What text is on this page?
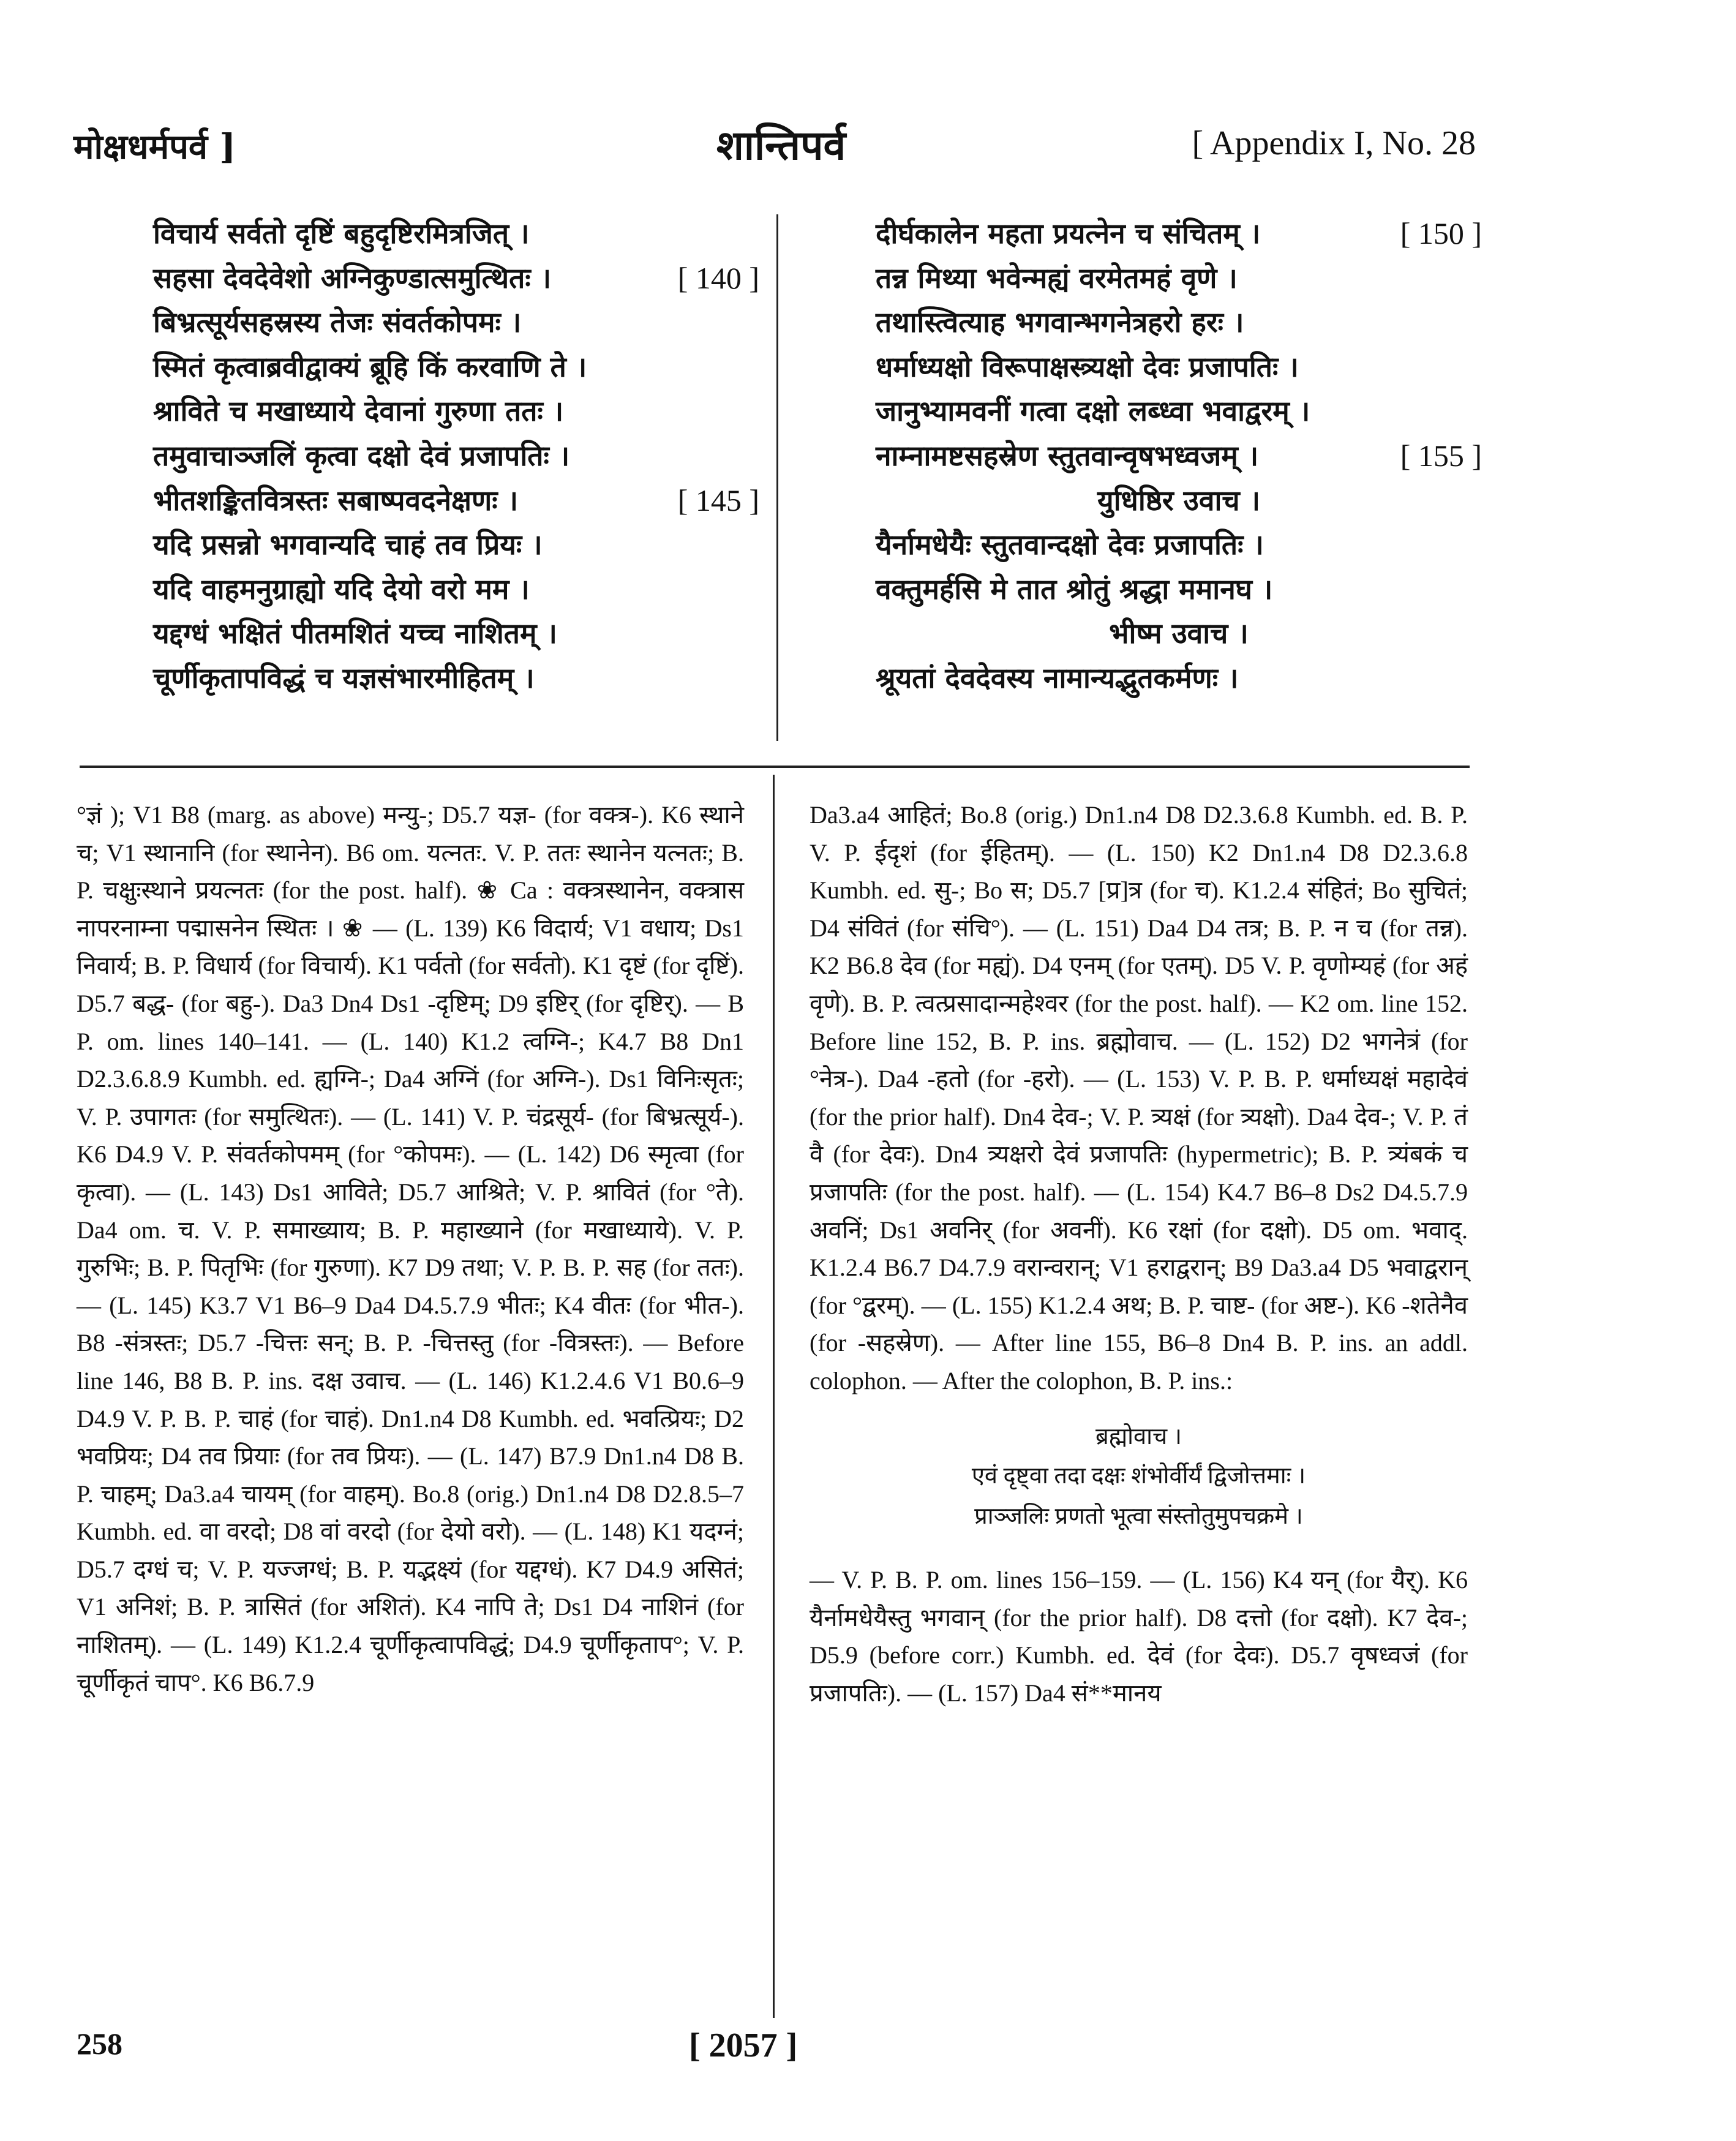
मोक्षधर्मपर्व ]	शान्तिपर्व	[ Appendix I, No. 28
विचार्य सर्वतो दृष्टिं बहुदृष्टिरमित्रजित् ।
सहसा देवदेवेशो अग्निकुण्डात्समुत्थितः ।	[ 140 ]
बिभ्रत्सूर्यसहस्रस्य तेजः संवर्तकोपमः ।
स्मितं कृत्वाब्रवीद्वाक्यं ब्रूहि किं करवाणि ते ।
श्राविते च मखाध्याये देवानां गुरुणा ततः ।
तमुवाचाञ्जलिं कृत्वा दक्षो देवं प्रजापतिः ।
भीतशङ्कितवित्रस्तः सबाष्पवदनेक्षणः ।	[ 145 ]
यदि प्रसन्नो भगवान्यदि चाहं तव प्रियः ।
यदि वाहमनुग्राह्यो यदि देयो वरो मम ।
यद्दग्धं भक्षितं पीतमशितं यच्च नाशितम् ।
चूर्णीकृतापविद्धं च यज्ञसंभारमीहितम् ।
दीर्घकालेन महता प्रयत्नेन च संचितम् ।	[ 150 ]
तन्न मिथ्या भवेन्मह्यं वरमेतमहं वृणे ।
तथास्त्वित्याह भगवान्भगनेत्रहरो हरः ।
धर्माध्यक्षो विरूपाक्षस्त्र्यक्षो देवः प्रजापतिः ।
जानुभ्यामवनीं गत्वा दक्षो लब्ध्वा भवाद्वरम् ।
नाम्नामष्टसहस्रेण स्तुतवान्वृषभध्वजम् ।	[ 155 ]
युधिष्ठिर उवाच ।
यैर्नामधेयैः स्तुतवान्दक्षो देवः प्रजापतिः ।
वक्तुमर्हसि मे तात श्रोतुं श्रद्धा ममानघ ।
भीष्म उवाच ।
श्रूयतां देवदेवस्य नामान्यद्भुतकर्मणः ।

°ज्ञं ); V1 B8 (marg. as above) मन्यु-; D5.7 यज्ञ- (for वक्त्र-). K6 स्थाने च; V1 स्थानानि (for स्थानेन). B6 om. यत्नतः. V. P. ततः स्थानेन यत्नतः; B. P. चक्षुःस्थाने प्रयत्नतः (for the post. half). ❀ Ca : वक्त्रस्थानेन, वक्त्रास नापरनाम्ना पद्मासनेन स्थितः । ❀ — (L. 139) K6 विदार्य; V1 वधाय; Ds1 निवार्य; B. P. विधार्य (for विचार्य). K1 पर्वतो (for सर्वतो). K1 दृष्टं (for दृष्टिं). D5.7 बद्ध- (for बहु-). Da3 Dn4 Ds1 -दृष्टिम्; D9 इष्टिर् (for दृष्टिर्). — B P. om. lines 140–141. — (L. 140) K1.2 त्वग्नि-; K4.7 B8 Dn1 D2.3.6.8.9 Kumbh. ed. ह्यग्नि-; Da4 अग्निं (for अग्नि-). Ds1 विनिःसृतः; V. P. उपागतः (for समुत्थितः). — (L. 141) V. P. चंद्रसूर्य- (for बिभ्रत्सूर्य-). K6 D4.9 V. P. संवर्तकोपमम् (for °कोपमः). — (L. 142) D6 स्मृत्वा (for कृत्वा). — (L. 143) Ds1 आविते; D5.7 आश्रिते; V. P. श्रावितं (for °ते). Da4 om. च. V. P. समाख्याय; B. P. महाख्याने (for मखाध्याये). V. P. गुरुभिः; B. P. पितृभिः (for गुरुणा). K7 D9 तथा; V. P. B. P. सह (for ततः). — (L. 145) K3.7 V1 B6–9 Da4 D4.5.7.9 भीतः; K4 वीतः (for भीत-). B8 -संत्रस्तः; D5.7 -चित्तः सन्; B. P. -चित्तस्तु (for -वित्रस्तः). — Before line 146, B8 B. P. ins. दक्ष उवाच. — (L. 146) K1.2.4.6 V1 B0.6–9 D4.9 V. P. B. P. चाहं (for चाहं). Dn1.n4 D8 Kumbh. ed. भवत्प्रियः; D2 भवप्रियः; D4 तव प्रियाः (for तव प्रियः). — (L. 147) B7.9 Dn1.n4 D8 B. P. चाहम्; Da3.a4 चायम् (for वाहम्). Bo.8 (orig.) Dn1.n4 D8 D2.8.5–7 Kumbh. ed. वा वरदो; D8 वां वरदो (for देयो वरो). — (L. 148) K1 यदग्नं; D5.7 दग्धं च; V. P. यज्जग्धं; B. P. यद्भक्ष्यं (for यद्दग्धं). K7 D4.9 असितं; V1 अनिशं; B. P. त्रासितं (for अशितं). K4 नापि ते; Ds1 D4 नाशिनं (for नाशितम्). — (L. 149) K1.2.4 चूर्णीकृत्वापविद्धं; D4.9 चूर्णीकृताप°; V. P. चूर्णीकृतं चाप°. K6 B6.7.9

Da3.a4 आहितं; Bo.8 (orig.) Dn1.n4 D8 D2.3.6.8 Kumbh. ed. B. P. V. P. ईदृशं (for ईहितम्). — (L. 150) K2 Dn1.n4 D8 D2.3.6.8 Kumbh. ed. सु-; Bo स; D5.7 [प्र]त्र (for च). K1.2.4 संहितं; Bo सुचितं; D4 संवितं (for संचि°). — (L. 151) Da4 D4 तत्र; B. P. न च (for तन्न). K2 B6.8 देव (for मह्यं). D4 एनम् (for एतम्). D5 V. P. वृणोम्यहं (for अहं वृणे). B. P. त्वत्प्रसादान्महेश्वर (for the post. half). — K2 om. line 152. Before line 152, B. P. ins. ब्रह्मोवाच. — (L. 152) D2 भगनेत्रं (for °नेत्र-). Da4 -हतो (for -हरो). — (L. 153) V. P. B. P. धर्माध्यक्षं महादेवं (for the prior half). Dn4 देव-; V. P. त्र्यक्षं (for त्र्यक्षो). Da4 देव-; V. P. तं वै (for देवः). Dn4 त्र्यक्षरो देवं प्रजापतिः (hypermetric); B. P. त्र्यंबकं च प्रजापतिः (for the post. half). — (L. 154) K4.7 B6–8 Ds2 D4.5.7.9 अवनिं; Ds1 अवनिर् (for अवनीं). K6 रक्षां (for दक्षो). D5 om. भवाद्. K1.2.4 B6.7 D4.7.9 वरान्वरान्; V1 हराद्वरान्; B9 Da3.a4 D5 भवाद्वरान् (for °द्वरम्). — (L. 155) K1.2.4 अथ; B. P. चाष्ट- (for अष्ट-). K6 -शतेनैव (for -सहस्रेण). — After line 155, B6–8 Dn4 B. P. ins. an addl. colophon. — After the colophon, B. P. ins.:

ब्रह्मोवाच ।

एवं दृष्ट्वा तदा दक्षः शंभोर्वीर्यं द्विजोत्तमाः ।

प्राञ्जलिः प्रणतो भूत्वा संस्तोतुमुपचक्रमे ।

— V. P. B. P. om. lines 156–159. — (L. 156) K4 यन् (for यैर्). K6 यैर्नामधेयैस्तु भगवान् (for the prior half). D8 दत्तो (for दक्षो). K7 देव-; D5.9 (before corr.) Kumbh. ed. देवं (for देवः). D5.7 वृषध्वजं (for प्रजापतिः). — (L. 157) Da4 सं**मानय

258	[ 2057 ]
